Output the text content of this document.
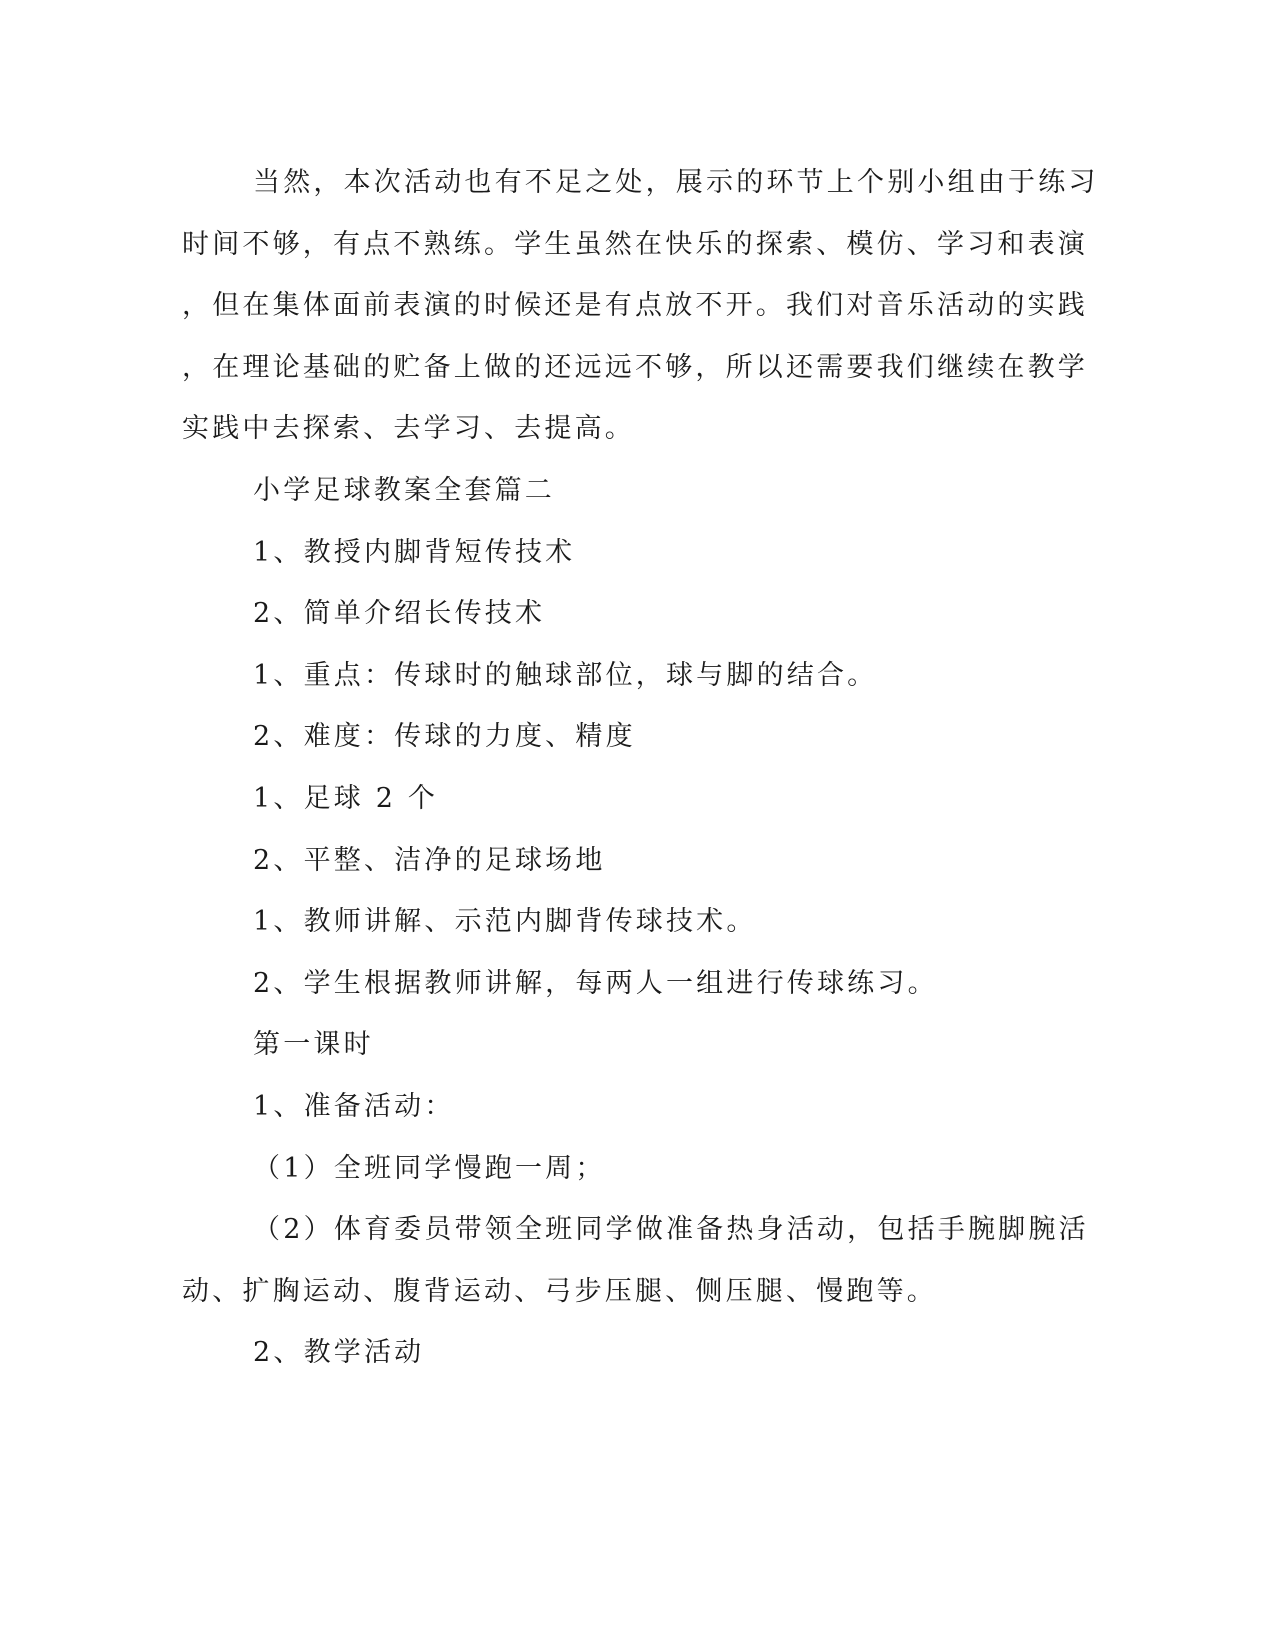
当然，本次活动也有不足之处，展示的环节上个别小组由于练习
时间不够，有点不熟练。学生虽然在快乐的探索、模仿、学习和表演
，但在集体面前表演的时候还是有点放不开。我们对音乐活动的实践
，在理论基础的贮备上做的还远远不够，所以还需要我们继续在教学
实践中去探索、去学习、去提高。
小学足球教案全套篇二
1、教授内脚背短传技术
2、简单介绍长传技术
1、重点：传球时的触球部位，球与脚的结合。
2、难度：传球的力度、精度
1、足球 2 个
2、平整、洁净的足球场地
1、教师讲解、示范内脚背传球技术。
2、学生根据教师讲解，每两人一组进行传球练习。
第一课时
1、准备活动：
（1）全班同学慢跑一周；
（2）体育委员带领全班同学做准备热身活动，包括手腕脚腕活
动、扩胸运动、腹背运动、弓步压腿、侧压腿、慢跑等。
2、教学活动
